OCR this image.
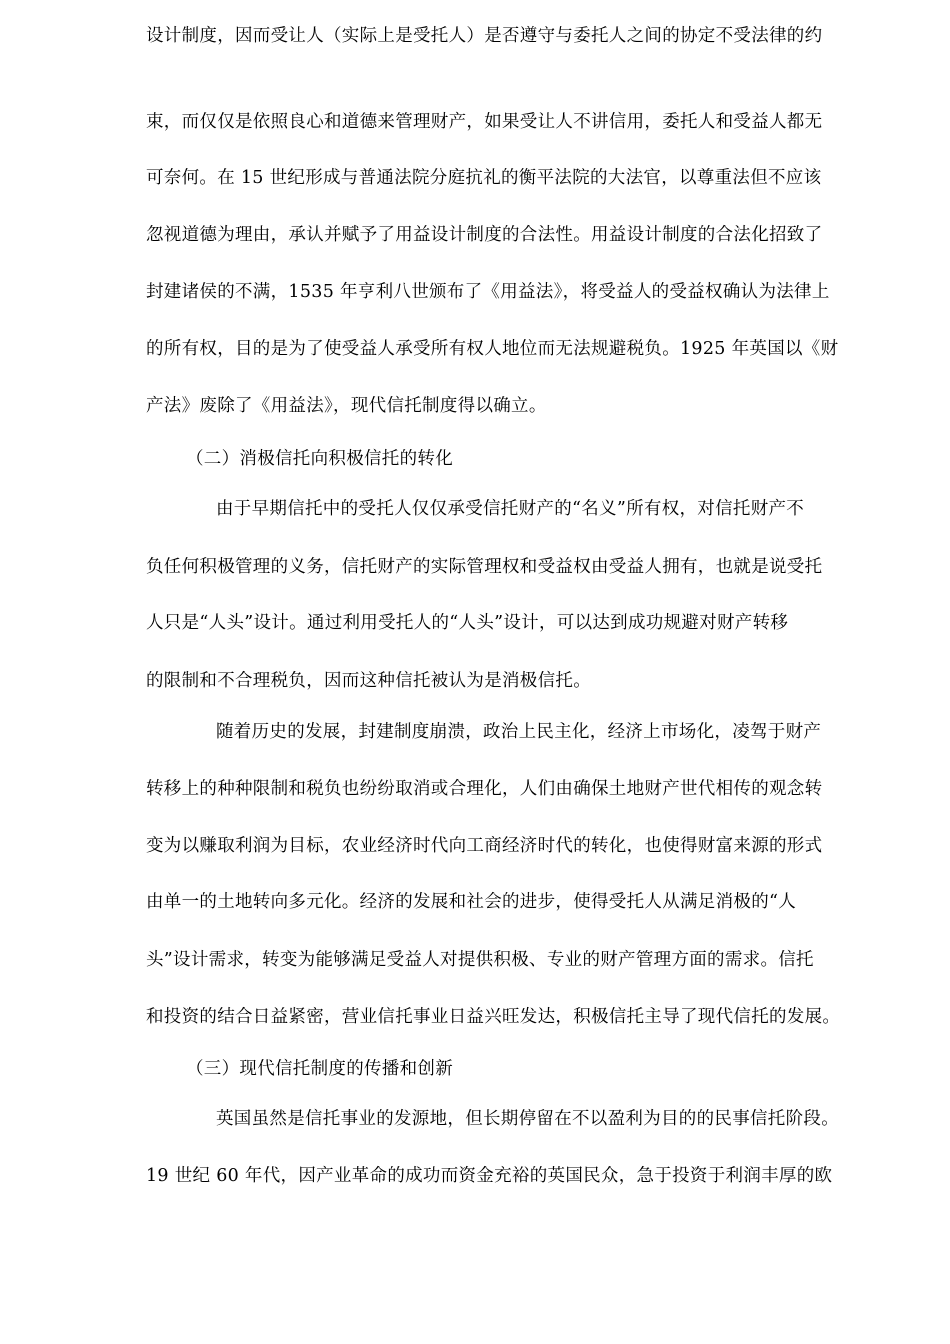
设计制度，因而受让人（实际上是受托人）是否遵守与委托人之间的协定不受法律的约
束，而仅仅是依照良心和道德来管理财产，如果受让人不讲信用，委托人和受益人都无
可奈何。在 15 世纪形成与普通法院分庭抗礼的衡平法院的大法官，以尊重法但不应该
忽视道德为理由，承认并赋予了用益设计制度的合法性。用益设计制度的合法化招致了
封建诸侯的不满，1535 年亨利八世颁布了《用益法》，将受益人的受益权确认为法律上
的所有权，目的是为了使受益人承受所有权人地位而无法规避税负。1925 年英国以《财
产法》废除了《用益法》，现代信托制度得以确立。
（二）消极信托向积极信托的转化
由于早期信托中的受托人仅仅承受信托财产的“名义”所有权，对信托财产不
负任何积极管理的义务，信托财产的实际管理权和受益权由受益人拥有，也就是说受托
人只是“人头”设计。通过利用受托人的“人头”设计，可以达到成功规避对财产转移
的限制和不合理税负，因而这种信托被认为是消极信托。
随着历史的发展，封建制度崩溃，政治上民主化，经济上市场化，凌驾于财产
转移上的种种限制和税负也纷纷取消或合理化，人们由确保土地财产世代相传的观念转
变为以赚取利润为目标，农业经济时代向工商经济时代的转化，也使得财富来源的形式
由单一的土地转向多元化。经济的发展和社会的进步，使得受托人从满足消极的“人
头”设计需求，转变为能够满足受益人对提供积极、专业的财产管理方面的需求。信托
和投资的结合日益紧密，营业信托事业日益兴旺发达，积极信托主导了现代信托的发展。
（三）现代信托制度的传播和创新
英国虽然是信托事业的发源地，但长期停留在不以盈利为目的的民事信托阶段。
19 世纪 60 年代，因产业革命的成功而资金充裕的英国民众，急于投资于利润丰厚的欧
